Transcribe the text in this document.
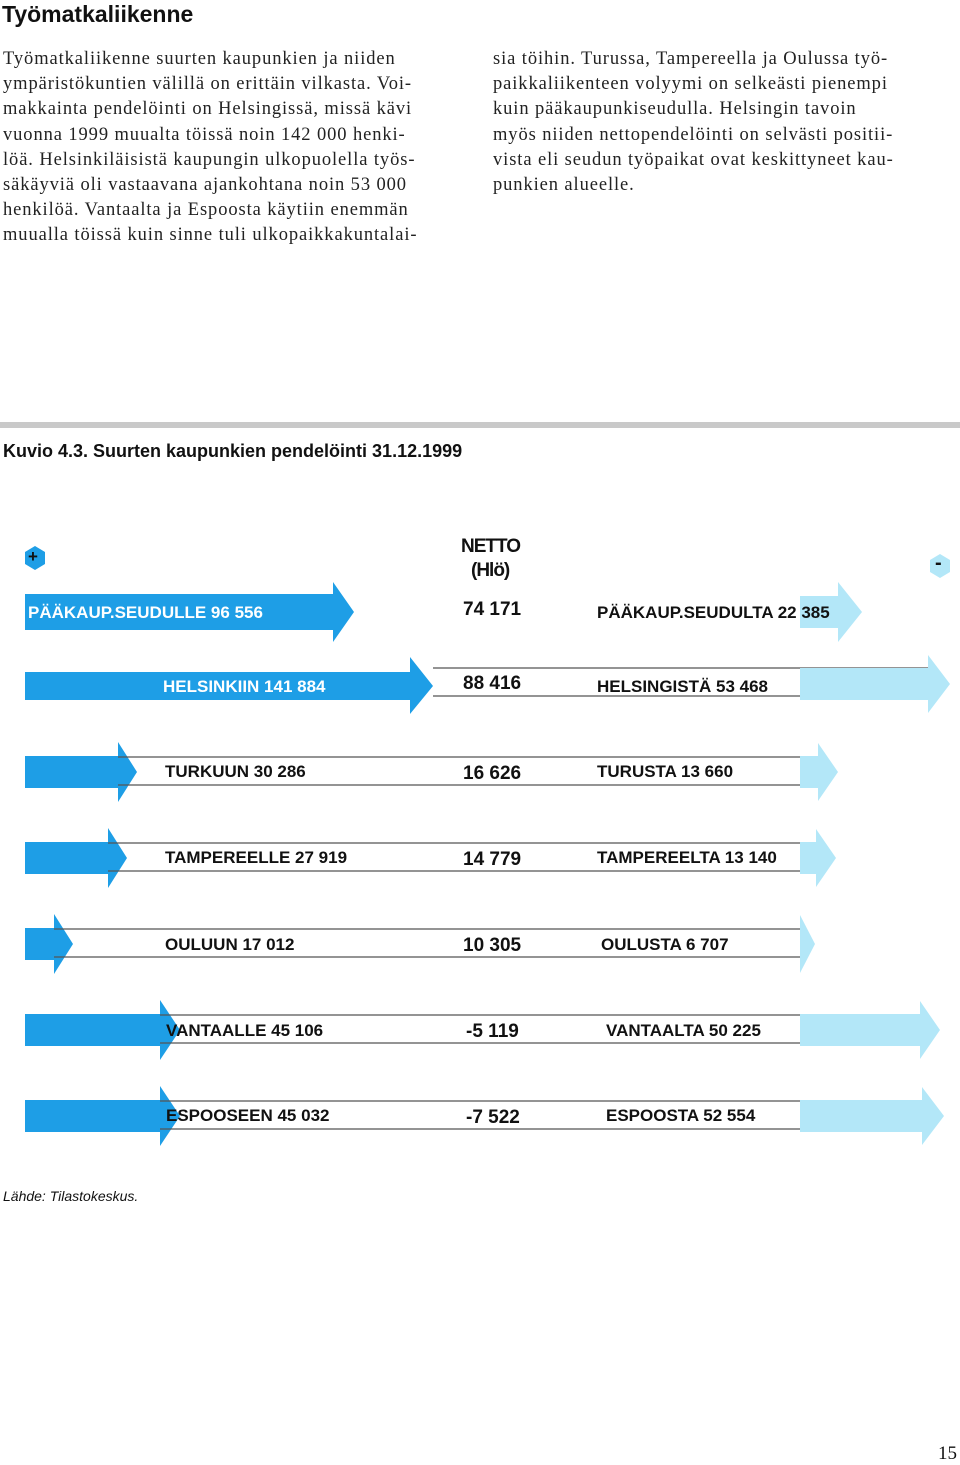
Työmatkaliikenne
Työmatkaliikenne suurten kaupunkien ja niiden
ympäristökuntien välillä on erittäin vilkasta. Voi-
makkainta pendelöinti on Helsingissä, missä kävi
vuonna 1999 muualta töissä noin 142 000 henki-
löä. Helsinkiläisistä kaupungin ulkopuolella työs-
säkäyviä oli vastaavana ajankohtana noin 53 000
henkilöä. Vantaalta ja Espoosta käytiin enemmän
muualla töissä kuin sinne tuli ulkopaikkakuntalai-
sia töihin. Turussa, Tampereella ja Oulussa työ-
paikkaliikenteen volyymi on selkeästi pienempi
kuin pääkaupunkiseudulla. Helsingin tavoin
myös niiden nettopendelöinti on selvästi positii-
vista eli seudun työpaikat ovat keskittyneet kau-
punkien alueelle.
Kuvio 4.3. Suurten kaupunkien pendelöinti 31.12.1999
+	-
NETTO
(Hlö)
PÄÄKAUP.SEUDULLE 96 556	74 171	PÄÄKAUP.SEUDULTA 22 385
HELSINKIIN 141 884	88 416	HELSINGISTÄ 53 468
TURKUUN 30 286	16 626	TURUSTA 13 660
TAMPEREELLE 27 919	14 779	TAMPEREELTA 13 140
OULUUN 17 012	10 305	OULUSTA 6 707
VANTAALLE 45 106	-5 119	VANTAALTA 50 225
ESPOOSEEN 45 032	-7 522	ESPOOSTA 52 554
Lähde: Tilastokeskus.
15
